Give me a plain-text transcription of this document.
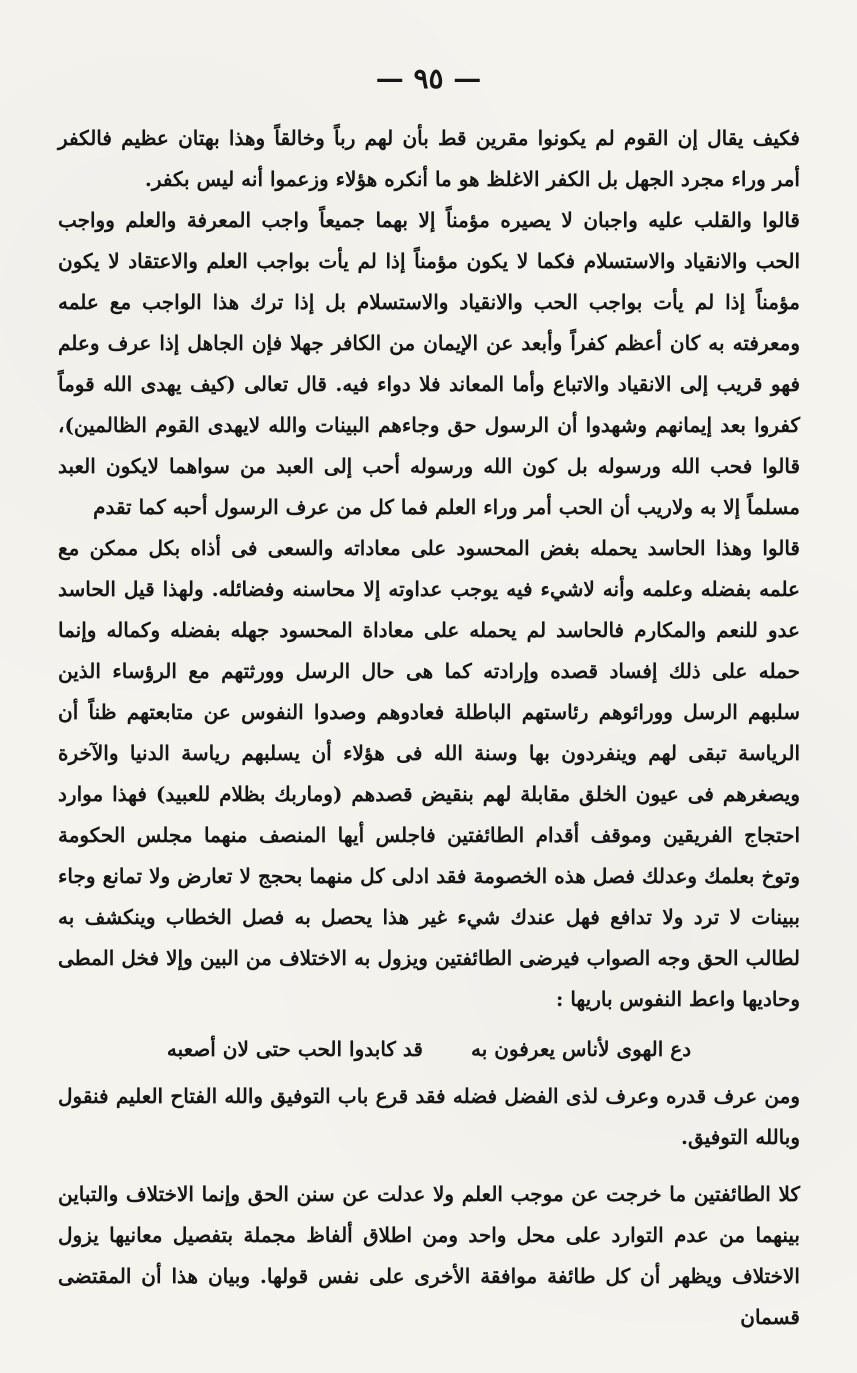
— ٩٥ —

فكيف يقال إن القوم لم يكونوا مقرين قط بأن لهم رباً وخالقاً وهذا بهتان عظيم فالكفر أمر وراء مجرد الجهل بل الكفر الاغلظ هو ما أنكره هؤلاء وزعموا أنه ليس بكفر.

قالوا والقلب عليه واجبان لا يصيره مؤمناً إلا بهما جميعاً واجب المعرفة والعلم وواجب الحب والانقياد والاستسلام فكما لا يكون مؤمناً إذا لم يأت بواجب العلم والاعتقاد لا يكون مؤمناً إذا لم يأت بواجب الحب والانقياد والاستسلام بل إذا ترك هذا الواجب مع علمه ومعرفته به كان أعظم كفراً وأبعد عن الإيمان من الكافر جهلا فإن الجاهل إذا عرف وعلم فهو قريب إلى الانقياد والاتباع وأما المعاند فلا دواء فيه. قال تعالى (كيف يهدى الله قوماً كفروا بعد إيمانهم وشهدوا أن الرسول حق وجاءهم البينات والله لايهدى القوم الظالمين)، قالوا فحب الله ورسوله بل كون الله ورسوله أحب إلى العبد من سواهما لايكون العبد مسلماً إلا به ولاريب أن الحب أمر وراء العلم فما كل من عرف الرسول أحبه كما تقدم

قالوا وهذا الحاسد يحمله بغض المحسود على معاداته والسعى فى أذاه بكل ممكن مع علمه بفضله وعلمه وأنه لاشيء فيه يوجب عداوته إلا محاسنه وفضائله. ولهذا قيل الحاسد عدو للنعم والمكارم فالحاسد لم يحمله على معاداة المحسود جهله بفضله وكماله وإنما حمله على ذلك إفساد قصده وإرادته كما هى حال الرسل وورثتهم مع الرؤساء الذين سلبهم الرسل وورائوهم رئاستهم الباطلة فعادوهم وصدوا النفوس عن متابعتهم ظناً أن الرياسة تبقى لهم وينفردون بها وسنة الله فى هؤلاء أن يسلبهم رياسة الدنيا والآخرة ويصغرهم فى عيون الخلق مقابلة لهم بنقيض قصدهم (وماربك بظلام للعبيد) فهذا موارد احتجاج الفريقين وموقف أقدام الطائفتين فاجلس أيها المنصف منهما مجلس الحكومة وتوخ بعلمك وعدلك فصل هذه الخصومة فقد ادلى كل منهما بحجج لا تعارض ولا تمانع وجاء ببينات لا ترد ولا تدافع فهل عندك شيء غير هذا يحصل به فصل الخطاب وينكشف به لطالب الحق وجه الصواب فيرضى الطائفتين ويزول به الاختلاف من البين وإلا فخل المطى وحاديها واعط النفوس باريها :

دع الهوى لأناس يعرفون به
قد كابدوا الحب حتى لان أصعبه

ومن عرف قدره وعرف لذى الفضل فضله فقد قرع باب التوفيق والله الفتاح العليم فنقول وبالله التوفيق.

كلا الطائفتين ما خرجت عن موجب العلم ولا عدلت عن سنن الحق وإنما الاختلاف والتباين بينهما من عدم التوارد على محل واحد ومن اطلاق ألفاظ مجملة بتفصيل معانيها يزول الاختلاف ويظهر أن كل طائفة موافقة الأخرى على نفس قولها. وبيان هذا أن المقتضى قسمان
